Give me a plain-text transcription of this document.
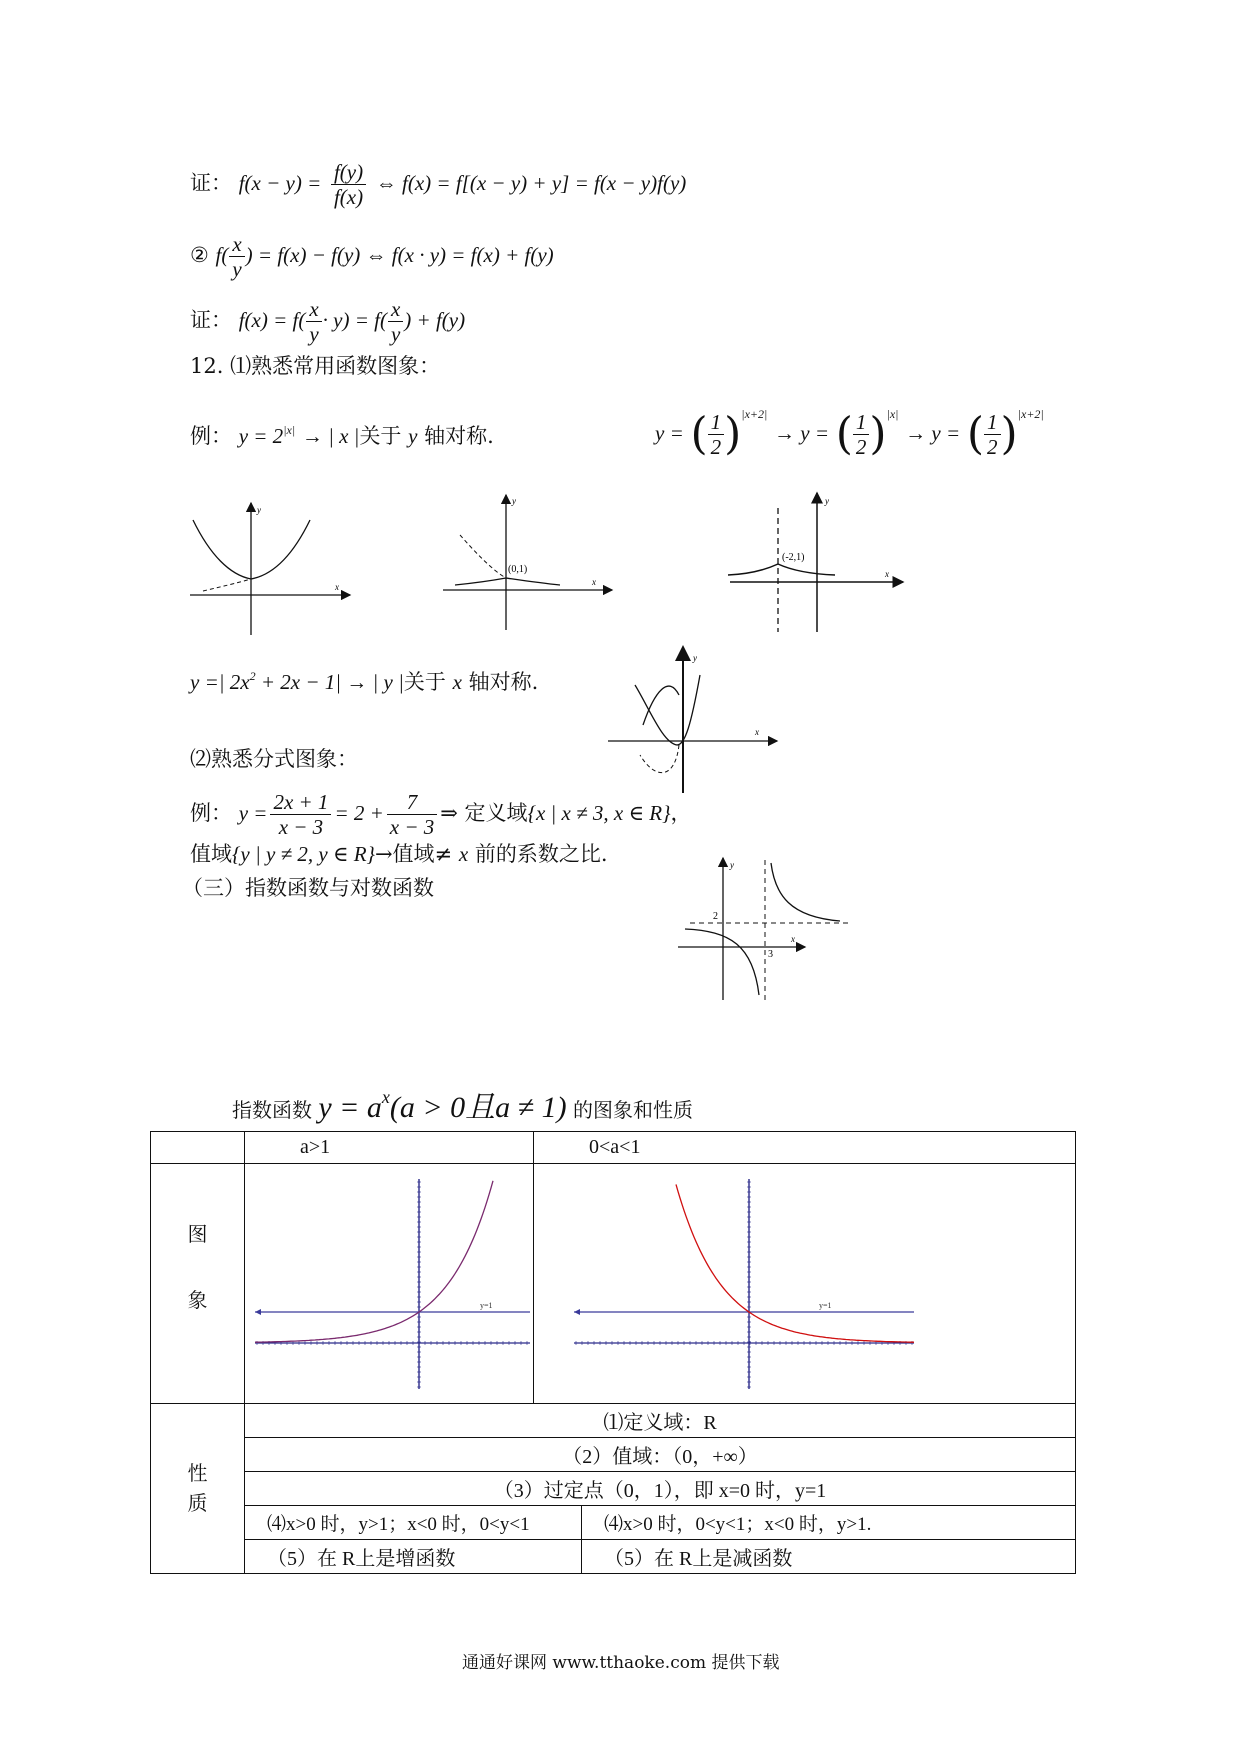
证： $f(x - y) = \frac{f(y)}{f(x)}$ ⇔ f(x) = f[(x − y) + y] = f(x − y)f(y)
② $f( \frac{x}{y}$ ) = f(x) − f(y) ⇔ f(x · y) = f(x) + f(y)
证： $f(x) = f( \frac{x}{y} \cdot y) = f( \frac{x}{y}$ ) + f(y)
12. ⑴熟悉常用函数图象：
例： $y = 2^{|x|}$ → | x |关于 y 轴对称.	y = ( $\frac{1}{2} )^{|x+2|} \to y$ = ( $\frac{1}{2} )^{|x|} \to y$ = ( $\frac{1}{2} )^{|x+2|}$
y
x
(0,1)
y
x
(-2,1)
y
x
y =| $2x^2 + 2x - 1|$ → | y |关于 x 轴对称.
y
x
⑵熟悉分式图象：
例： $y = \frac{2x + 1}{x - 3} = 2 + \frac{7}{x - 3}$ ⇒ 定义域{x | x ≠ 3, x ∈ R}，
值域{y | y ≠ 2, y ∈ R}→值域≠ x 前的系数之比.
（三）指数函数与对数函数
2
3
y
x
指数函数 y = ax(a > 0且a ≠ 1) 的图象和性质
	a>1	0<a<1	

图
象	y=1	y=1	

性
质	⑴定义域：R		
	（2）值域：（0，+∞）		
	（3）过定点（0，1），即 x=0 时，y=1		
	⑷x>0 时，y>1；x<0 时，0<y<1		⑷x>0 时，0<y<1；x<0 时，y>1.
	（5）在 R上是增函数		（5）在 R上是减函数
通通好课网 www.tthaoke.com 提供下载
